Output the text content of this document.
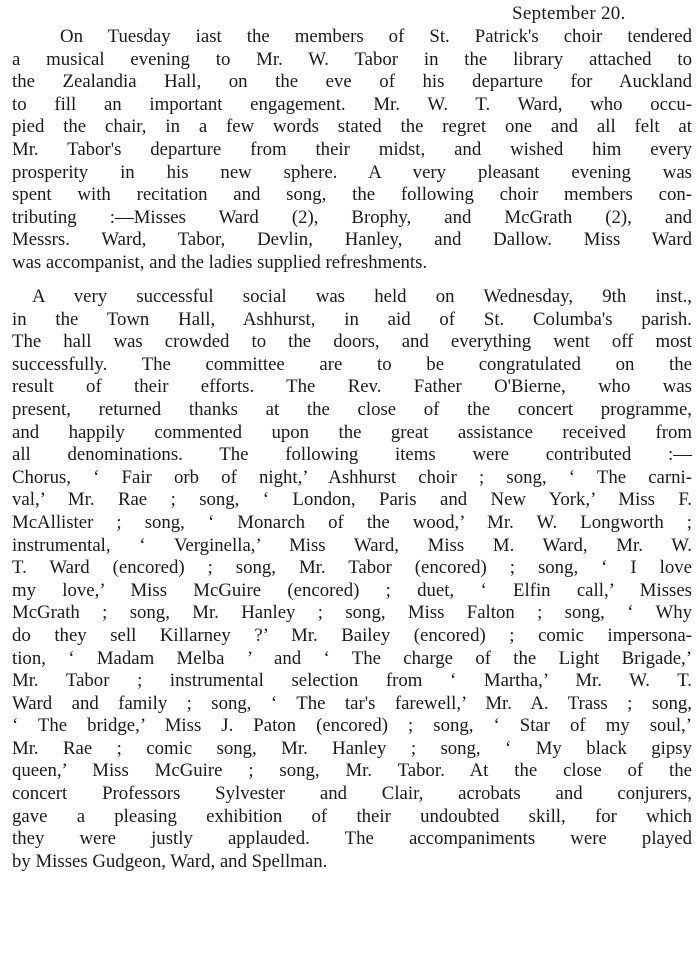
September 20.
On Tuesday iast the members of St. Patrick's choir tendered
a musical evening to Mr. W. Tabor in the library attached to
the Zealandia Hall, on the eve of his departure for Auckland
to fill an important engagement. Mr. W. T. Ward, who occu-
pied the chair, in a few words stated the regret one and all felt at
Mr. Tabor's departure from their midst, and wished him every
prosperity in his new sphere. A very pleasant evening was
spent with recitation and song, the following choir members con-
tributing :—Misses Ward (2), Brophy, and McGrath (2), and
Messrs. Ward, Tabor, Devlin, Hanley, and Dallow. Miss Ward
was accompanist, and the ladies supplied refreshments.
A very successful social was held on Wednesday, 9th inst.,
in the Town Hall, Ashhurst, in aid of St. Columba's parish.
The hall was crowded to the doors, and everything went off most
successfully. The committee are to be congratulated on the
result of their efforts. The Rev. Father O'Bierne, who was
present, returned thanks at the close of the concert programme,
and happily commented upon the great assistance received from
all denominations. The following items were contributed :—
Chorus, ‘ Fair orb of night,’ Ashhurst choir ; song, ‘ The carni-
val,’ Mr. Rae ; song, ‘ London, Paris and New York,’ Miss F.
McAllister ; song, ‘ Monarch of the wood,’ Mr. W. Longworth ;
instrumental, ‘ Verginella,’ Miss Ward, Miss M. Ward, Mr. W.
T. Ward (encored) ; song, Mr. Tabor (encored) ; song, ‘ I love
my love,’ Miss McGuire (encored) ; duet, ‘ Elfin call,’ Misses
McGrath ; song, Mr. Hanley ; song, Miss Falton ; song, ‘ Why
do they sell Killarney ?’ Mr. Bailey (encored) ; comic impersona-
tion, ‘ Madam Melba ’ and ‘ The charge of the Light Brigade,’
Mr. Tabor ; instrumental selection from ‘ Martha,’ Mr. W. T.
Ward and family ; song, ‘ The tar's farewell,’ Mr. A. Trass ; song,
‘ The bridge,’ Miss J. Paton (encored) ; song, ‘ Star of my soul,’
Mr. Rae ; comic song, Mr. Hanley ; song, ‘ My black gipsy
queen,’ Miss McGuire ; song, Mr. Tabor. At the close of the
concert Professors Sylvester and Clair, acrobats and conjurers,
gave a pleasing exhibition of their undoubted skill, for which
they were justly applauded. The accompaniments were played
by Misses Gudgeon, Ward, and Spellman.
